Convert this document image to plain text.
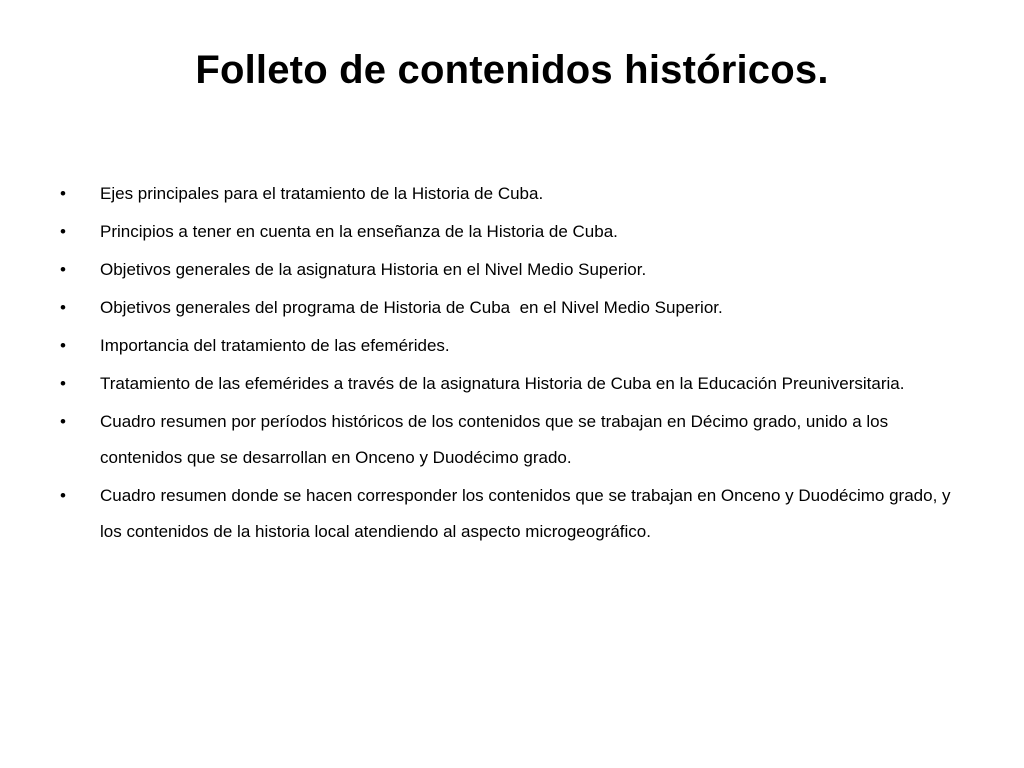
Folleto de contenidos históricos.
•	Ejes principales para el tratamiento de la Historia de Cuba.
•	Principios a tener en cuenta en la enseñanza de la Historia de Cuba.
•	Objetivos generales de la asignatura Historia en el Nivel Medio Superior.
•	Objetivos generales del programa de Historia de Cuba  en el Nivel Medio Superior.
•	Importancia del tratamiento de las efemérides.
•	Tratamiento de las efemérides a través de la asignatura Historia de Cuba en la Educación Preuniversitaria.
•	Cuadro resumen por períodos históricos de los contenidos que se trabajan en Décimo grado, unido a los contenidos que se desarrollan en Onceno y Duodécimo grado.
•	Cuadro resumen donde se hacen corresponder los contenidos que se trabajan en Onceno y Duodécimo grado, y los contenidos de la historia local atendiendo al aspecto microgeográfico.
